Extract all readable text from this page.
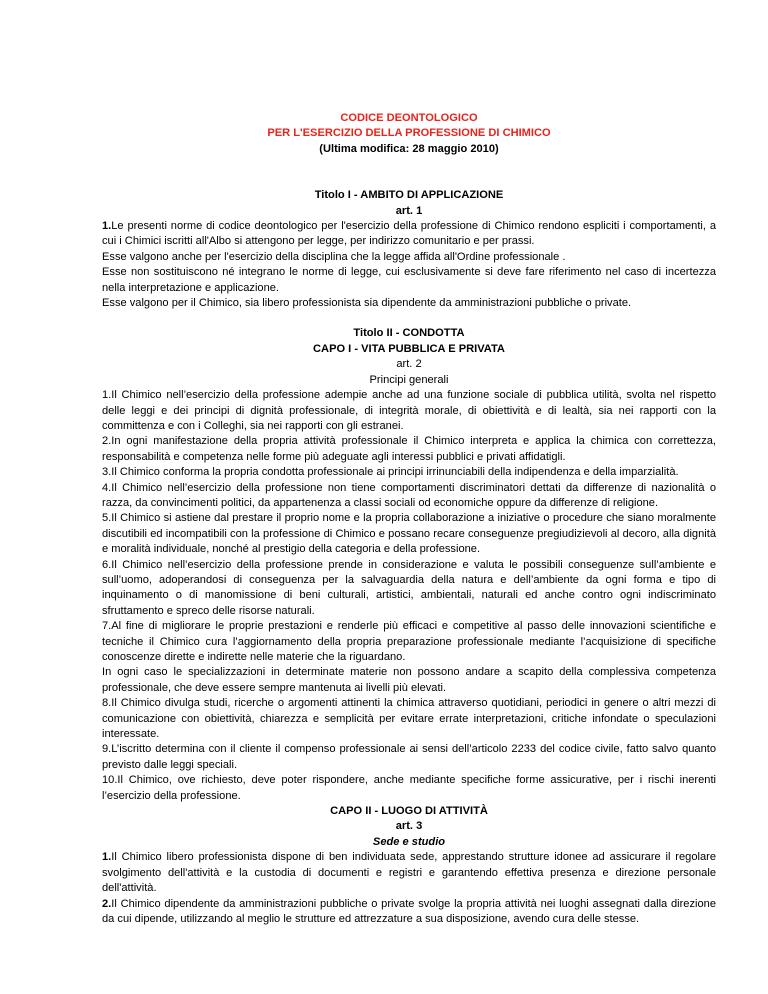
CODICE DEONTOLOGICO
PER L'ESERCIZIO DELLA PROFESSIONE DI CHIMICO
(Ultima modifica: 28 maggio 2010)
Titolo I - AMBITO DI APPLICAZIONE
art. 1

1.Le presenti norme di codice deontologico per l'esercizio della professione di Chimico rendono espliciti i comportamenti, a cui i Chimici iscritti all'Albo si attengono per legge, per indirizzo comunitario e per prassi.

Esse valgono anche per l'esercizio della disciplina che la legge affida all'Ordine professionale .

Esse non sostituiscono né integrano le norme di legge, cui esclusivamente si deve fare riferimento nel caso di incertezza nella interpretazione e applicazione.

Esse valgono per il Chimico, sia libero professionista sia dipendente da amministrazioni pubbliche o private.

Titolo II - CONDOTTA
CAPO I - VITA PUBBLICA E PRIVATA
art. 2
Principi generali

1.Il Chimico nell’esercizio della professione adempie anche ad una funzione sociale di pubblica utilità, svolta nel rispetto delle leggi e dei principi di dignità professionale, di integrità morale, di obiettività e di lealtà, sia nei rapporti con la committenza e con i Colleghi, sia nei rapporti con gli estranei.

2.In ogni manifestazione della propria attività professionale il Chimico interpreta e applica la chimica con correttezza, responsabilità e competenza nelle forme più adeguate agli interessi pubblici e privati affidatigli.

3.Il Chimico conforma la propria condotta professionale ai principi irrinunciabili della indipendenza e della imparzialità.

4.Il Chimico nell’esercizio della professione non tiene comportamenti discriminatori dettati da differenze di nazionalità o razza, da convincimenti politici, da appartenenza a classi sociali od economiche oppure da differenze di religione.

5.Il Chimico si astiene dal prestare il proprio nome e la propria collaborazione a iniziative o procedure che siano moralmente discutibili ed incompatibili con la professione di Chimico e possano recare conseguenze pregiudizievoli al decoro, alla dignità e moralità individuale, nonché al prestigio della categoria e della professione.

6.Il Chimico nell’esercizio della professione prende in considerazione e valuta le possibili conseguenze sull’ambiente e sull’uomo, adoperandosi di conseguenza per la salvaguardia della natura e dell’ambiente da ogni forma e tipo di inquinamento o di manomissione di beni culturali, artistici, ambientali, naturali ed anche contro ogni indiscriminato sfruttamento e spreco delle risorse naturali.

7.Al fine di migliorare le proprie prestazioni e renderle più efficaci e competitive al passo delle innovazioni scientifiche e tecniche il Chimico cura l’aggiornamento della propria preparazione professionale mediante l’acquisizione di specifiche conoscenze dirette e indirette nelle materie che la riguardano.

In ogni caso le specializzazioni in determinate materie non possono andare a scapito della complessiva competenza professionale, che deve essere sempre mantenuta ai livelli più elevati.

8.Il Chimico divulga studi, ricerche o argomenti attinenti la chimica attraverso quotidiani, periodici in genere o altri mezzi di comunicazione con obiettività, chiarezza e semplicità per evitare errate interpretazioni, critiche infondate o speculazioni interessate.

9.L’iscritto determina con il cliente il compenso professionale ai sensi dell’articolo 2233 del codice civile, fatto salvo quanto previsto dalle leggi speciali.

10.Il Chimico, ove richiesto, deve poter rispondere, anche mediante specifiche forme assicurative, per i rischi inerenti l’esercizio della professione.

CAPO II - LUOGO DI ATTIVITÀ
art. 3
Sede e studio

1.Il Chimico libero professionista dispone di ben individuata sede, apprestando strutture idonee ad assicurare il regolare svolgimento dell'attività e la custodia di documenti e registri e garantendo effettiva presenza e direzione personale dell'attività.

2.Il Chimico dipendente da amministrazioni pubbliche o private svolge la propria attività nei luoghi assegnati dalla direzione da cui dipende, utilizzando al meglio le strutture ed attrezzature a sua disposizione, avendo cura delle stesse.
